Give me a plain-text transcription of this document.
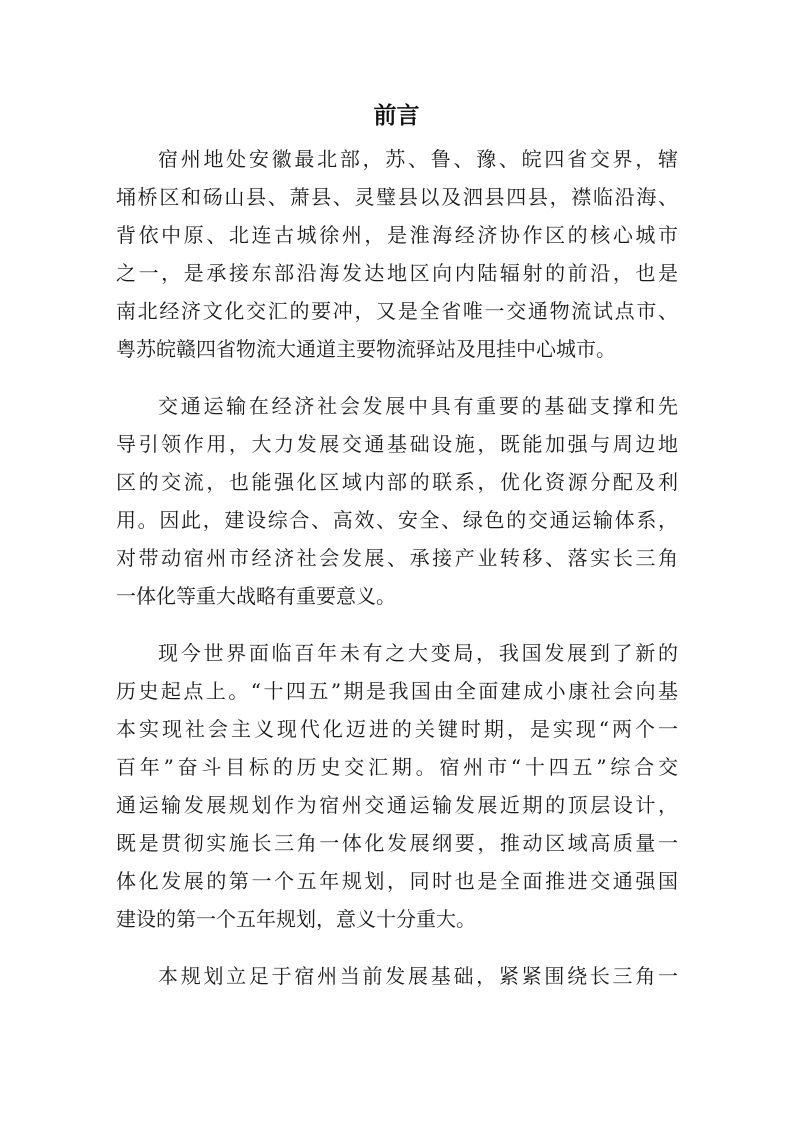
前言
宿州地处安徽最北部，苏、鲁、豫、皖四省交界，辖
埇桥区和砀山县、萧县、灵璧县以及泗县四县，襟临沿海、
背依中原、北连古城徐州，是淮海经济协作区的核心城市
之一，是承接东部沿海发达地区向内陆辐射的前沿，也是
南北经济文化交汇的要冲，又是全省唯一交通物流试点市、
粤苏皖赣四省物流大通道主要物流驿站及甩挂中心城市。
交通运输在经济社会发展中具有重要的基础支撑和先
导引领作用，大力发展交通基础设施，既能加强与周边地
区的交流，也能强化区域内部的联系，优化资源分配及利
用。因此，建设综合、高效、安全、绿色的交通运输体系，
对带动宿州市经济社会发展、承接产业转移、落实长三角
一体化等重大战略有重要意义。
现今世界面临百年未有之大变局，我国发展到了新的
历史起点上。“十四五”期是我国由全面建成小康社会向基
本实现社会主义现代化迈进的关键时期，是实现“两个一
百年”奋斗目标的历史交汇期。宿州市“十四五”综合交
通运输发展规划作为宿州交通运输发展近期的顶层设计，
既是贯彻实施长三角一体化发展纲要，推动区域高质量一
体化发展的第一个五年规划，同时也是全面推进交通强国
建设的第一个五年规划，意义十分重大。
本规划立足于宿州当前发展基础，紧紧围绕长三角一
